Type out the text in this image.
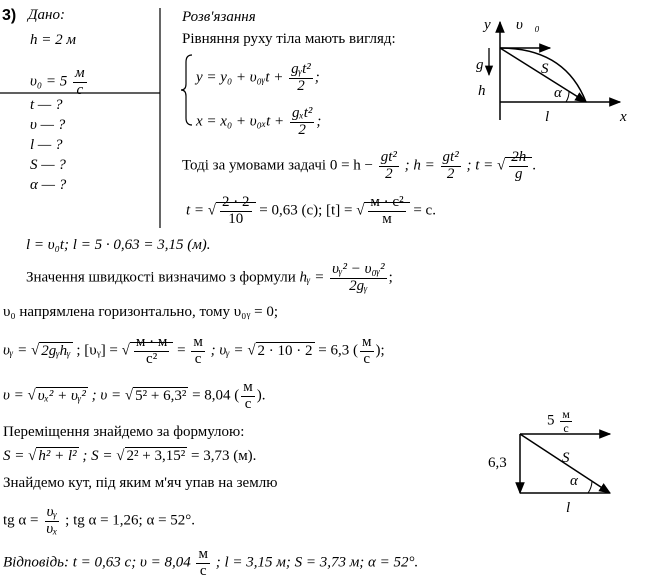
3) Дано:
h = 2 м
$\upsilon_0 = 5 \frac{м}{с}$
t — ?
υ — ?
l — ?
S — ?
α — ?
Розв'язання
Рівняння руху тіла мають вигляд:
y = y₀ + υ₀ᵧt + $\frac{\text{gᵧt²}}{2}$ ;
$x = x_0 + \upsilon_{0x}t + \frac{\text{gₓt²}}{2}$ ;
Тоді за умовами задачі $0 = h - \frac{\text{gt²}}{2}$ ; $h = \frac{\text{gt²}}{2}$ ; t = √ $\frac{2h}{g}$ .
t = √ $\frac{2 \cdot 2}{10} = 0,63$ (с); [t] = √ $\frac{\text{м · с²}}{м} = с$.
l = υ₀t; l = 5 · 0,63 = 3,15 (м).
Значення швидкості визначимо з формули hᵧ = $\frac{\text{υᵧ² − υ₀ᵧ²}}{\text{2gᵧ}}$ ;
υ₀ напрямлена горизонтально, тому υ₀ᵧ = 0;
υᵧ = √ 2gᵧhᵧ ; [υᵧ] = √ $\frac{м \cdot м}{\text{с²}} = \frac{м}{с}$ ; υᵧ = √ 2 · 10 · 2 = 6,3 ( $\frac{м}{с}$ );
υ = √ υₓ² + υᵧ² ; υ = √ 5² + 6,3² = 8,04 ( $\frac{м}{с}$ ).
Переміщення знайдемо за формулою:
S = √ h² + l² ; S = √ 2² + 3,15² = 3,73 (м).
Знайдемо кут, під яким м'яч упав на землю
tg $\alpha = \frac{\text{υᵧ}}{\text{υₓ}}$ ; tg α = 1,26; α = 52°.
Відповідь: t = 0,63 с; $\upsilon = 8,04 \frac{м}{с}$ ; l = 3,15 м; S = 3,73 м; α = 52°.
y υ⃗₀
g⃗	S⃗
h	α
l	x
$5 \frac{м}{с}$
6,3	S⃗
α
l
